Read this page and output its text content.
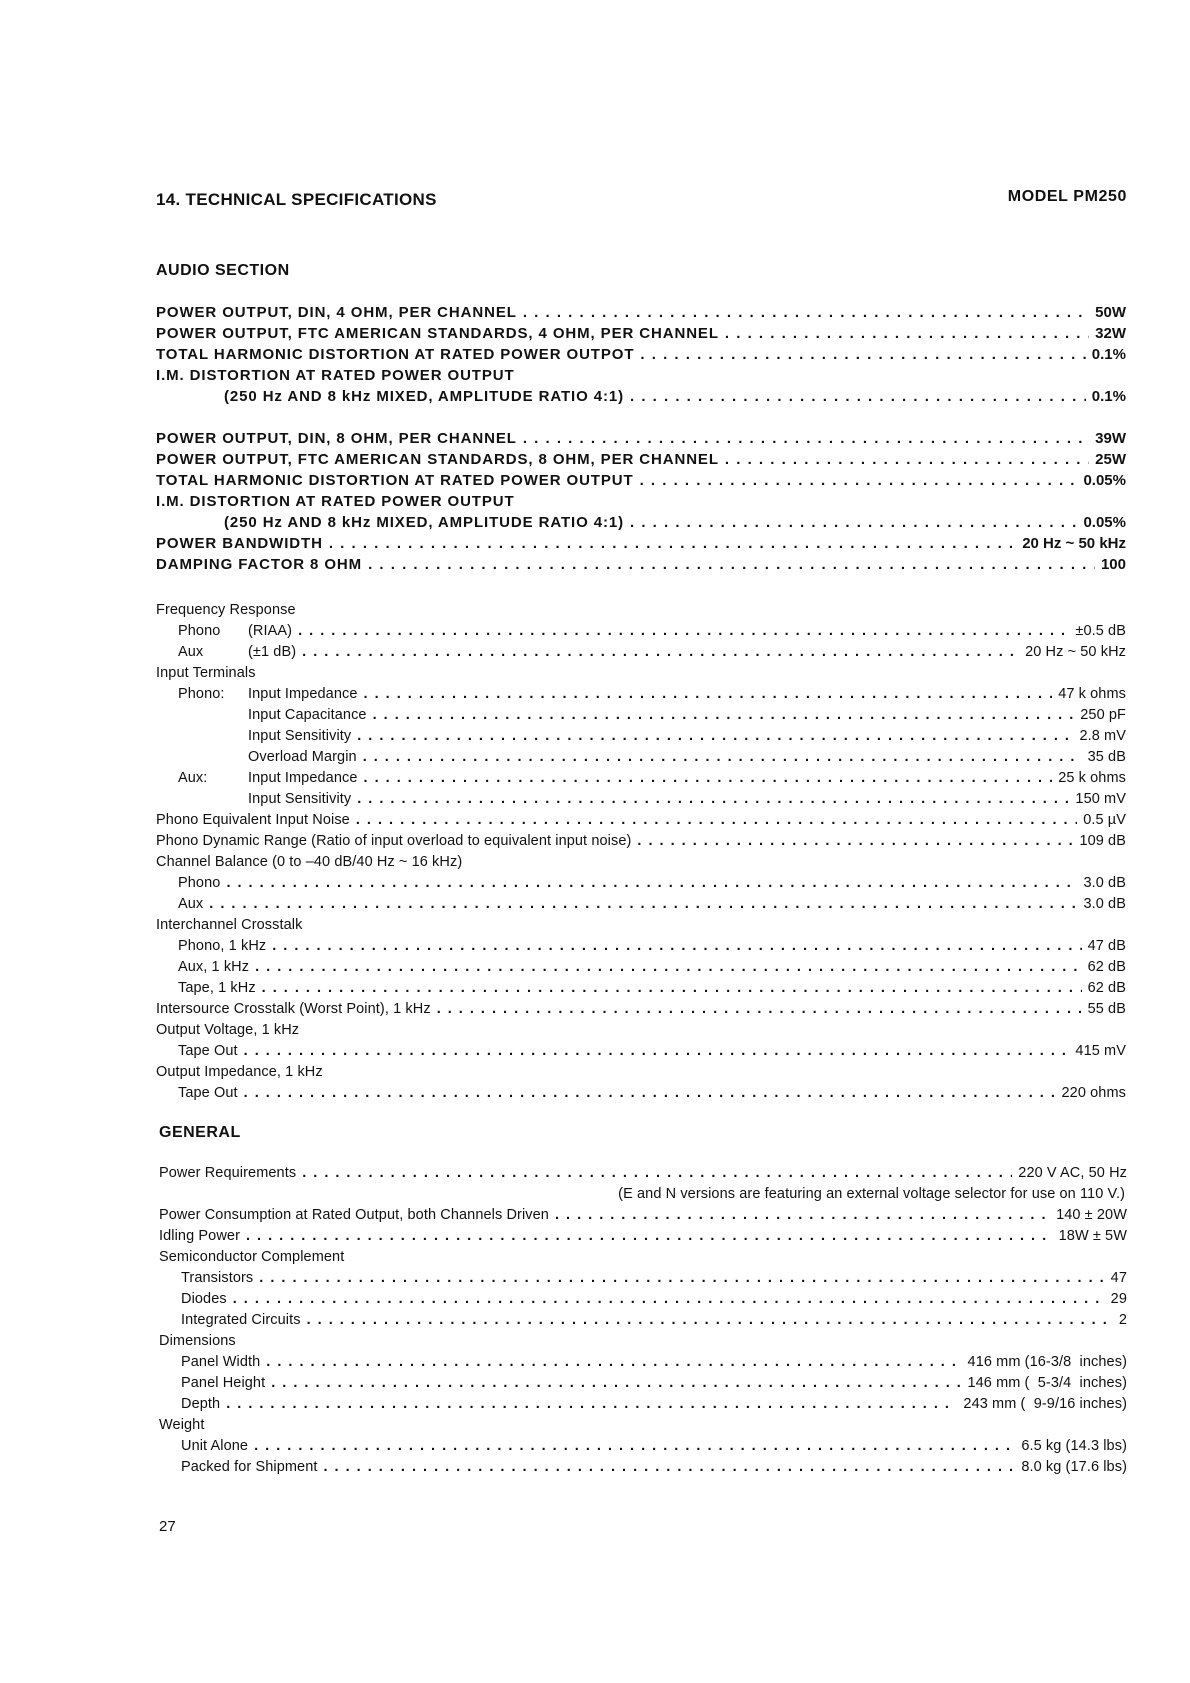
14. TECHNICAL SPECIFICATIONS	MODEL PM250
AUDIO SECTION
POWER OUTPUT, DIN, 4 OHM, PER CHANNEL . . .	50W
POWER OUTPUT, FTC AMERICAN STANDARDS, 4 OHM, PER CHANNEL . . .	32W
TOTAL HARMONIC DISTORTION AT RATED POWER OUTPOT . . .	0.1%
I.M. DISTORTION AT RATED POWER OUTPUT
(250 Hz AND 8 kHz MIXED, AMPLITUDE RATIO 4:1) . . .	0.1%
POWER OUTPUT, DIN, 8 OHM, PER CHANNEL . . .	39W
POWER OUTPUT, FTC AMERICAN STANDARDS, 8 OHM, PER CHANNEL . . .	25W
TOTAL HARMONIC DISTORTION AT RATED POWER OUTPUT . . .	0.05%
I.M. DISTORTION AT RATED POWER OUTPUT
(250 Hz AND 8 kHz MIXED, AMPLITUDE RATIO 4:1) . . .	0.05%
POWER BANDWIDTH . . .	20 Hz ~ 50 kHz
DAMPING FACTOR 8 OHM . . .	100
Frequency Response
Phono (RIAA) . . .	±0.5 dB
Aux	(±1 dB) . . .	20 Hz ~ 50 kHz
Input Terminals
Phono: Input Impedance . . .	47 k ohms
Input Capacitance . . .	250 pF
Input Sensitivity . . .	2.8 mV
Overload Margin . . .	35 dB
Aux:	Input Impedance . . .	25 k ohms
Input Sensitivity . . .	150 mV
Phono Equivalent Input Noise . . .	0.5 µV
Phono Dynamic Range (Ratio of input overload to equivalent input noise) . . .	109 dB
Channel Balance (0 to –40 dB/40 Hz ~ 16 kHz)
Phono . . .	3.0 dB
Aux . . .	3.0 dB
Interchannel Crosstalk
Phono, 1 kHz . . .	47 dB
Aux, 1 kHz . . .	62 dB
Tape, 1 kHz . . .	62 dB
Intersource Crosstalk (Worst Point), 1 kHz . . .	55 dB
Output Voltage, 1 kHz
Tape Out . . .	415 mV
Output Impedance, 1 kHz
Tape Out . . .	220 ohms
GENERAL
Power Requirements . . .	220 V AC, 50 Hz
(E and N versions are featuring an external voltage selector for use on 110 V.)
Power Consumption at Rated Output, both Channels Driven . . .	140 ± 20W
Idling Power . . .	18W ± 5W
Semiconductor Complement
Transistors . . .	47
Diodes . . .	29
Integrated Circuits . . .	2
Dimensions
Panel Width . . .	416 mm (16-3/8  inches)
Panel Height . . .	146 mm (  5-3/4  inches)
Depth . . .	243 mm (  9-9/16 inches)
Weight
Unit Alone . . .	6.5 kg (14.3 lbs)
Packed for Shipment . . .	8.0 kg (17.6 lbs)
27
